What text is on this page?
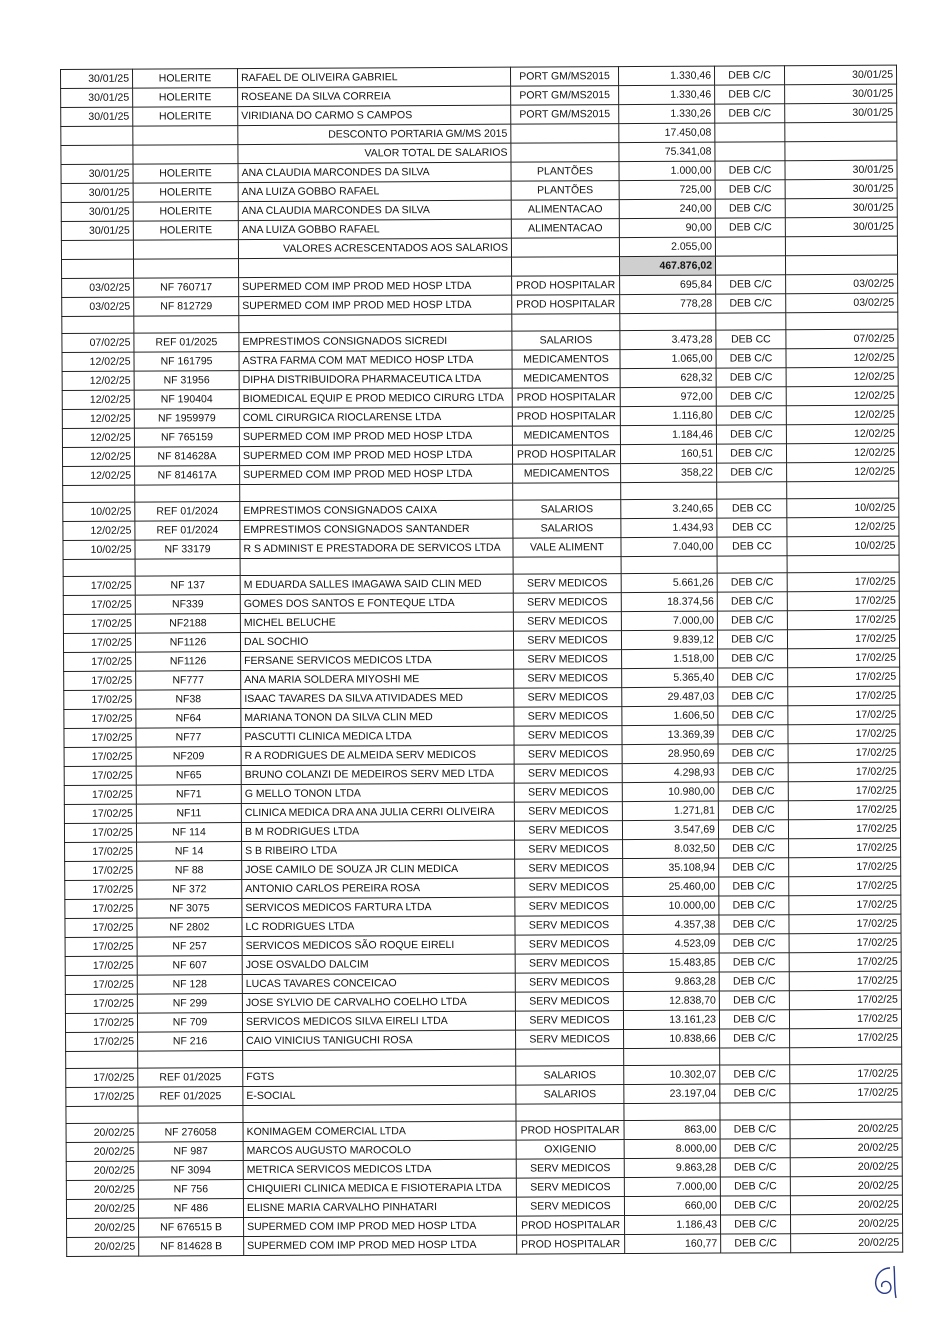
30/01/25	HOLERITE	RAFAEL DE OLIVEIRA GABRIEL	PORT GM/MS2015	1.330,46	DEB C/C	30/01/25
30/01/25	HOLERITE	ROSEANE DA SILVA CORREIA	PORT GM/MS2015	1.330,46	DEB C/C	30/01/25
30/01/25	HOLERITE	VIRIDIANA DO CARMO S CAMPOS	PORT GM/MS2015	1.330,26	DEB C/C	30/01/25
		DESCONTO PORTARIA GM/MS 2015		17.450,08		
		VALOR TOTAL DE SALARIOS		75.341,08		
30/01/25	HOLERITE	ANA CLAUDIA MARCONDES DA SILVA	PLANTÕES	1.000,00	DEB C/C	30/01/25
30/01/25	HOLERITE	ANA LUIZA GOBBO RAFAEL	PLANTÕES	725,00	DEB C/C	30/01/25
30/01/25	HOLERITE	ANA CLAUDIA MARCONDES DA SILVA	ALIMENTACAO	240,00	DEB C/C	30/01/25
30/01/25	HOLERITE	ANA LUIZA GOBBO RAFAEL	ALIMENTACAO	90,00	DEB C/C	30/01/25
		VALORES ACRESCENTADOS AOS SALARIOS		2.055,00		
				467.876,02		
03/02/25	NF 760717	SUPERMED COM IMP PROD MED HOSP LTDA	PROD HOSPITALAR	695,84	DEB C/C	03/02/25
03/02/25	NF 812729	SUPERMED COM IMP PROD MED HOSP LTDA	PROD HOSPITALAR	778,28	DEB C/C	03/02/25

07/02/25	REF 01/2025	EMPRESTIMOS CONSIGNADOS SICREDI	SALARIOS	3.473,28	DEB CC	07/02/25
12/02/25	NF 161795	ASTRA FARMA COM MAT MEDICO HOSP LTDA	MEDICAMENTOS	1.065,00	DEB C/C	12/02/25
12/02/25	NF 31956	DIPHA DISTRIBUIDORA PHARMACEUTICA LTDA	MEDICAMENTOS	628,32	DEB C/C	12/02/25
12/02/25	NF 190404	BIOMEDICAL EQUIP E PROD MEDICO CIRURG LTDA	PROD HOSPITALAR	972,00	DEB C/C	12/02/25
12/02/25	NF 1959979	COML CIRURGICA RIOCLARENSE LTDA	PROD HOSPITALAR	1.116,80	DEB C/C	12/02/25
12/02/25	NF 765159	SUPERMED COM IMP PROD MED HOSP LTDA	MEDICAMENTOS	1.184,46	DEB C/C	12/02/25
12/02/25	NF 814628A	SUPERMED COM IMP PROD MED HOSP LTDA	PROD HOSPITALAR	160,51	DEB C/C	12/02/25
12/02/25	NF 814617A	SUPERMED COM IMP PROD MED HOSP LTDA	MEDICAMENTOS	358,22	DEB C/C	12/02/25

10/02/25	REF 01/2024	EMPRESTIMOS CONSIGNADOS CAIXA	SALARIOS	3.240,65	DEB CC	10/02/25
12/02/25	REF 01/2024	EMPRESTIMOS CONSIGNADOS SANTANDER	SALARIOS	1.434,93	DEB CC	12/02/25
10/02/25	NF 33179	R S ADMINIST E PRESTADORA DE SERVICOS LTDA	VALE ALIMENT	7.040,00	DEB CC	10/02/25

17/02/25	NF 137	M EDUARDA SALLES IMAGAWA SAID CLIN MED	SERV MEDICOS	5.661,26	DEB C/C	17/02/25
17/02/25	NF339	GOMES DOS SANTOS E FONTEQUE LTDA	SERV MEDICOS	18.374,56	DEB C/C	17/02/25
17/02/25	NF2188	MICHEL BELUCHE	SERV MEDICOS	7.000,00	DEB C/C	17/02/25
17/02/25	NF1126	DAL SOCHIO	SERV MEDICOS	9.839,12	DEB C/C	17/02/25
17/02/25	NF1126	FERSANE SERVICOS MEDICOS LTDA	SERV MEDICOS	1.518,00	DEB C/C	17/02/25
17/02/25	NF777	ANA MARIA SOLDERA MIYOSHI ME	SERV MEDICOS	5.365,40	DEB C/C	17/02/25
17/02/25	NF38	ISAAC TAVARES DA SILVA ATIVIDADES MED	SERV MEDICOS	29.487,03	DEB C/C	17/02/25
17/02/25	NF64	MARIANA TONON DA SILVA CLIN MED	SERV MEDICOS	1.606,50	DEB C/C	17/02/25
17/02/25	NF77	PASCUTTI CLINICA MEDICA LTDA	SERV MEDICOS	13.369,39	DEB C/C	17/02/25
17/02/25	NF209	R A RODRIGUES DE ALMEIDA SERV MEDICOS	SERV MEDICOS	28.950,69	DEB C/C	17/02/25
17/02/25	NF65	BRUNO COLANZI DE MEDEIROS SERV MED LTDA	SERV MEDICOS	4.298,93	DEB C/C	17/02/25
17/02/25	NF71	G MELLO TONON LTDA	SERV MEDICOS	10.980,00	DEB C/C	17/02/25
17/02/25	NF11	CLINICA MEDICA DRA ANA JULIA CERRI OLIVEIRA	SERV MEDICOS	1.271,81	DEB C/C	17/02/25
17/02/25	NF 114	B M RODRIGUES LTDA	SERV MEDICOS	3.547,69	DEB C/C	17/02/25
17/02/25	NF 14	S B RIBEIRO LTDA	SERV MEDICOS	8.032,50	DEB C/C	17/02/25
17/02/25	NF 88	JOSE CAMILO DE SOUZA JR CLIN MEDICA	SERV MEDICOS	35.108,94	DEB C/C	17/02/25
17/02/25	NF 372	ANTONIO CARLOS PEREIRA ROSA	SERV MEDICOS	25.460,00	DEB C/C	17/02/25
17/02/25	NF 3075	SERVICOS MEDICOS FARTURA LTDA	SERV MEDICOS	10.000,00	DEB C/C	17/02/25
17/02/25	NF 2802	LC RODRIGUES LTDA	SERV MEDICOS	4.357,38	DEB C/C	17/02/25
17/02/25	NF 257	SERVICOS MEDICOS SÃO ROQUE EIRELI	SERV MEDICOS	4.523,09	DEB C/C	17/02/25
17/02/25	NF 607	JOSE OSVALDO DALCIM	SERV MEDICOS	15.483,85	DEB C/C	17/02/25
17/02/25	NF 128	LUCAS TAVARES CONCEICAO	SERV MEDICOS	9.863,28	DEB C/C	17/02/25
17/02/25	NF 299	JOSE SYLVIO DE CARVALHO COELHO LTDA	SERV MEDICOS	12.838,70	DEB C/C	17/02/25
17/02/25	NF 709	SERVICOS MEDICOS SILVA EIRELI LTDA	SERV MEDICOS	13.161,23	DEB C/C	17/02/25
17/02/25	NF 216	CAIO VINICIUS TANIGUCHI ROSA	SERV MEDICOS	10.838,66	DEB C/C	17/02/25

17/02/25	REF 01/2025	FGTS	SALARIOS	10.302,07	DEB C/C	17/02/25
17/02/25	REF 01/2025	E-SOCIAL	SALARIOS	23.197,04	DEB C/C	17/02/25

20/02/25	NF 276058	KONIMAGEM COMERCIAL LTDA	PROD HOSPITALAR	863,00	DEB C/C	20/02/25
20/02/25	NF 987	MARCOS AUGUSTO MAROCOLO	OXIGENIO	8.000,00	DEB C/C	20/02/25
20/02/25	NF 3094	METRICA SERVICOS MEDICOS LTDA	SERV MEDICOS	9.863,28	DEB C/C	20/02/25
20/02/25	NF 756	CHIQUIERI CLINICA MEDICA E FISIOTERAPIA LTDA	SERV MEDICOS	7.000,00	DEB C/C	20/02/25
20/02/25	NF 486	ELISNE MARIA CARVALHO PINHATARI	SERV MEDICOS	660,00	DEB C/C	20/02/25
20/02/25	NF 676515 B	SUPERMED COM IMP PROD MED HOSP LTDA	PROD HOSPITALAR	1.186,43	DEB C/C	20/02/25
20/02/25	NF 814628 B	SUPERMED COM IMP PROD MED HOSP LTDA	PROD HOSPITALAR	160,77	DEB C/C	20/02/25
